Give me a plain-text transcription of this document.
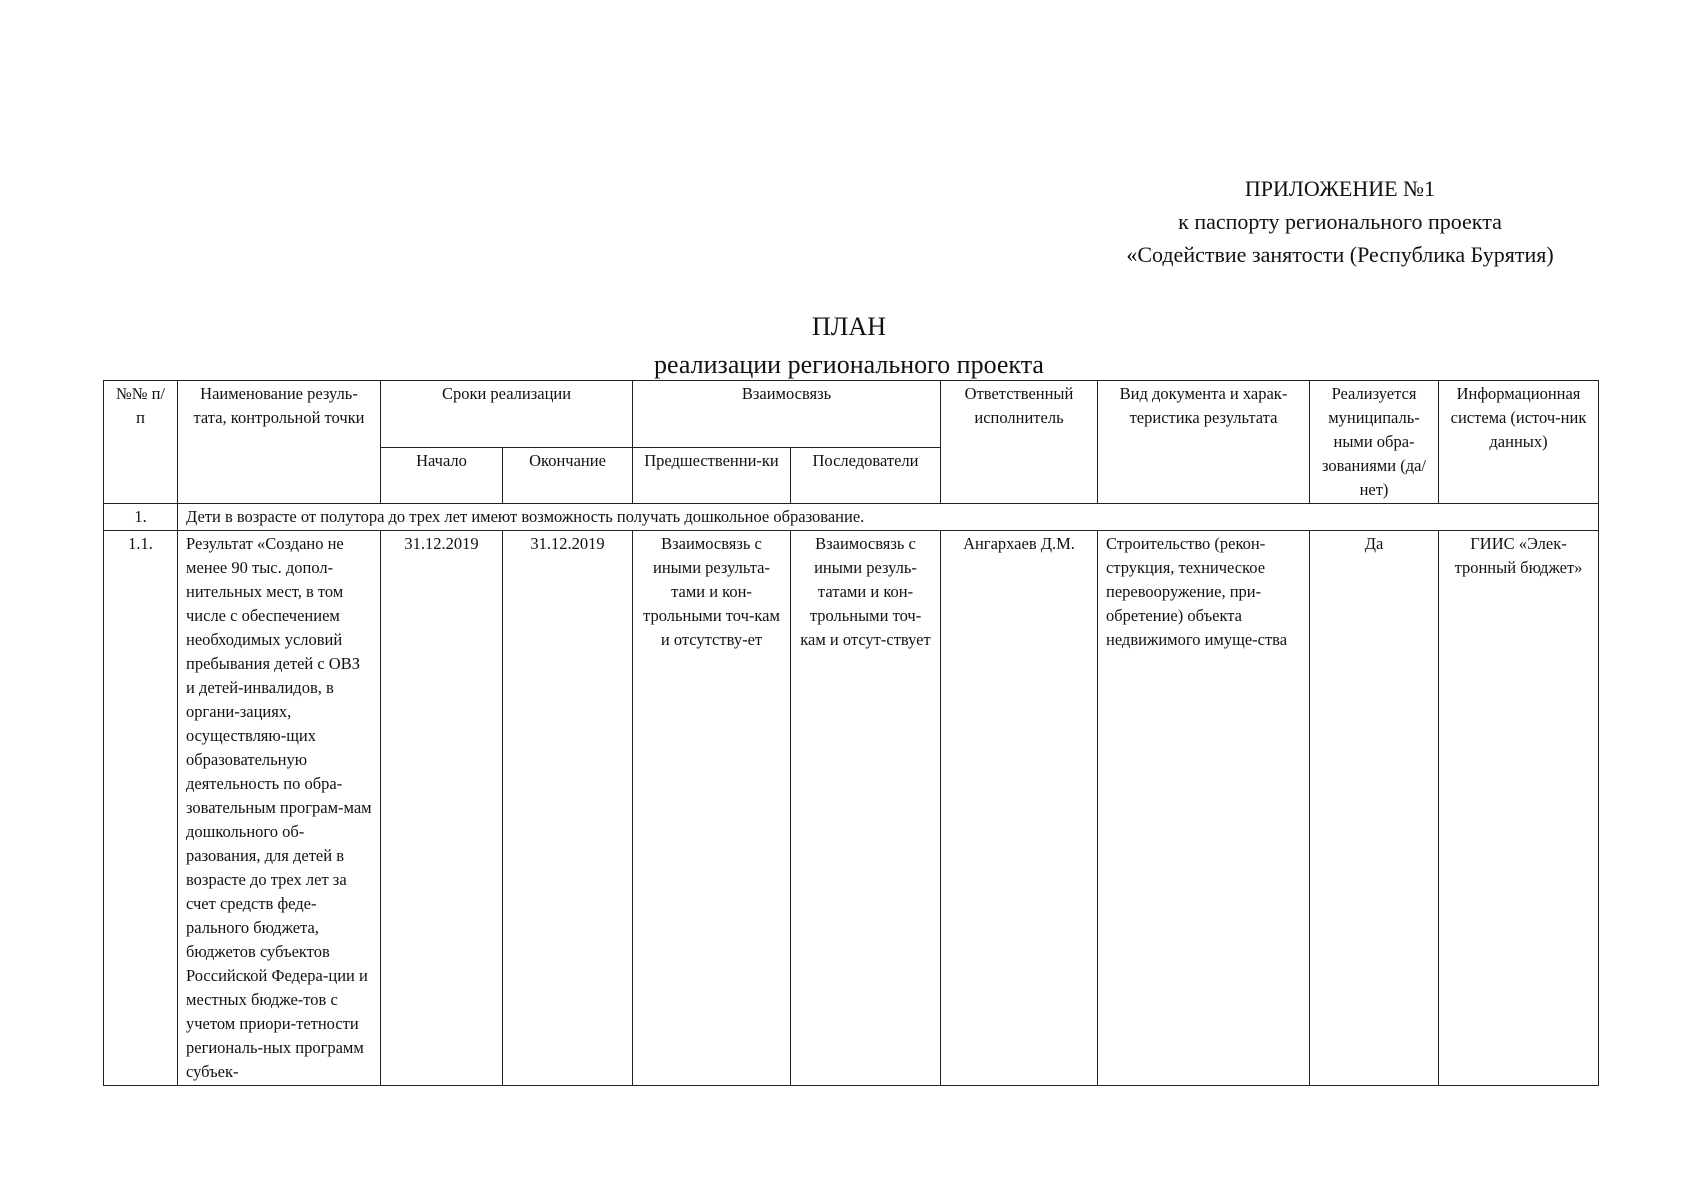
ПРИЛОЖЕНИЕ №1
к паспорту регионального проекта
«Содействие занятости (Республика Бурятия)
ПЛАН
реализации регионального проекта
№№ п/п	Наименование резуль-тата, контрольной точки	Сроки реализации		Взаимосвязь		Ответственный исполнитель	Вид документа и харак-теристика результата	Реализуется муниципаль-ными обра-зованиями (да/нет)	Информационная система (источ-ник данных)
		Начало	Окончание	Предшественни-ки	Последователи				
1.	Дети в возрасте от полутора до трех лет имеют возможность получать дошкольное образование.								
1.1.	Результат «Создано не менее 90 тыс. допол-нительных мест, в том числе с обеспечением необходимых условий пребывания детей с ОВЗ и детей-инвалидов, в органи-зациях, осуществляю-щих образовательную деятельность по обра-зовательным програм-мам дошкольного об-разования, для детей в возрасте до трех лет за счет средств феде-рального бюджета, бюджетов субъектов Российской Федера-ции и местных бюдже-тов с учетом приори-тетности региональ-ных программ субъек-	31.12.2019	31.12.2019	Взаимосвязь с иными результа-тами и кон-трольными точ-кам и отсутству-ет	Взаимосвязь с иными резуль-татами и кон-трольными точ-кам и отсут-ствует	Ангархаев Д.М.	Строительство (рекон-струкция, техническое перевооружение, при-обретение) объекта недвижимого имуще-ства	Да	ГИИС «Элек-тронный бюджет»
